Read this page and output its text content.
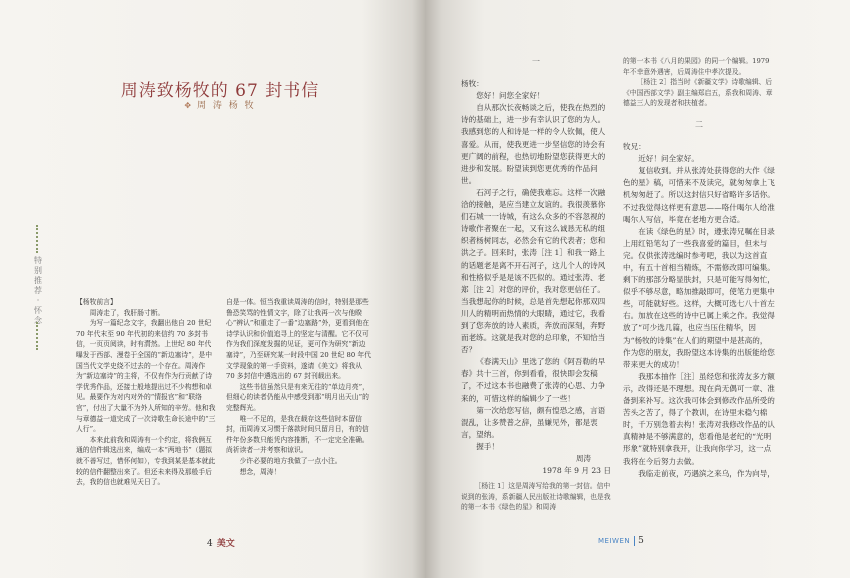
周涛致杨牧的 67 封书信
✥ 周 涛 杨 牧
特别推荐 · 怀念

【杨牧前言】

周涛走了，我肝肠寸断。

为写一篇纪念文字，我翻出他自 20 世纪 70 年代末至 90 年代初的来信约 70 多封书信，一页页阅读，时有潸然。上世纪 80 年代曝发于西部、漫卷于全国的“新边塞诗”，是中国当代文学史绕不过去的一个存在。周涛作为“新边塞诗”的主将，不仅有作为行贡献了诗学优秀作品，还接士般地提出过不少构想和卓见。最要作为对内对外的“情报官”和“联络官”，付出了大量不为外人所知的辛劳。他和我与章德益一道完成了一次诗歌生命长途中的“三人行”。

本来此前我和周涛有一个约定，将我俩互通的信件辑选出来，编成一本“两地书”（题拟就不善写过，惜怀何如），专我到某是基本就此较的信件翻整出来了。但还未来得及那般手后去，我的信也就难见天日了。

自是一体。恒当我重读周涛的信时，特别是那些鲁恐笑骂的性情文字，除了让我再一次与他睽心“辨认”和重走了一番“边塞路”外，更看到他在诗学认识和价值追寻上的坚定与清醒。它不仅可作为我们深度发掘的见证，更可作为研究“新边塞诗”，乃至研究某一时段中国 20 世纪 80 年代文学现象的第一手资料，遂请《美文》将我从 70 多封信中遴选出的 67 封刊载出来。

这些书信虽然只是有来无往的“单边月亮”，但细心的读者仍能从中感受到那“明月出天山”的完整辉光。

唯一不足的，是我在载存这些信时本留信封，而周涛又习惯于落款时间只留月日，有的信件年份多数只能凭内容推断，不一定完全准确。尚祈读者一并考察和谅识。

少许必要的地方我做了一点小注。

想念，周涛！

4 美文

一

杨牧：

您好！问您全家好！

自从那次长夜畅谈之后，使我在热烈的诗的基础上，进一步有幸认识了您的为人。我感到您的人和诗是一样的令人钦佩，使人喜爱。从而，使我更进一步坚信您的诗会有更广阔的前程，也热切地盼望您获得更大的进步和发展。盼望读到您更优秀的作品问世。

石河子之行，确使我难忘。这样一次融洽的接触，是应当建立友谊的。我很羡慕你们石城一一诗城，有这么众多的不容忽视的诗歌作者聚在一起，又有这么诚恳无私的组织者杨树同志，必然会有它的代表者；您和洪之子。回来时，张涛［注 1］和我一路上的话题老是离不开石河子，这儿个人的诗风和性格似乎是是该不匹似的。通过张涛、老郑［注 2］对您的评价，我对您更信任了。当我想起你的时候，总是首先想起你那双四川人的精明而热情的大眼睛，通过它，我看到了您奔放的诗人素质，奔放而深刻，奔野而老练。这就是我对您的总印象，不知恰当否？

《春满天山》里选了您的《阿吾勒的早春》共十三首，你到看看，很快即会发稿了，不过这本书也融费了张涛的心思、力争来的，可惜这样的编辑少了一些！

第一次给您写信，颇有惶恐之感，言语混乱，让多赞普之辞，虽嫌见外，都是衷言，望纳。

握手！

周涛

1978 年 9 月 23 日

［杨注 1］这是周涛写给我的第一封信。信中说到的张涛，系新疆人民出版社诗歌编辑，也是我的第一本书《绿色的星》和周涛

的第一本书《八月的果园》的同一个编辑。1979 年不幸意外遇害，后周涛住中孝次提及。

［杨注 2］指当时《新疆文学》诗歌编辑、后《中国西部文学》副主编郑启五，系我和周涛、章德益三人的发现者和扶植者。

二

牧兄：

近好！问全家好。

复信收到。并从张涛处获得您的大作《绿色的星》稿，可惜来不及读完，就匆匆拿上飞机匆匆赶了。所以这封信只好省略许多话你。不过我觉得这样更有意思——咯什喝尔人给准喝尔人写信，毕竟在老地方更合适。

在读《绿色的星》时，遵张涛兄嘱在目录上用红铅笔勾了一些我喜爱的篇目，但未与完。仅供张涛选编时参考吧，我以为这首直中，有五十首相当精炼，不需修改即可编集。剩下的那部分略显肤封，只是可能写得匆忙，似乎不够尽意，略加推敲即可，使笔力更集中些，可能就好些。这样，大概可选七八十首左右。加放在这些的诗中已属上乘之作。我觉得放了“可少选几篇，也应当压住精华，因为“杨牧的诗集”在人们的期望中是甚高的，作为您的朋友，我盼望这本诗集的出版能给您带来更大的成功！

我那本抽作［注］虽经您和张涛友多方额示，改得还是不理想。现在尚无偶可一章、准备到来补写。这次我可体会到修改作品所受的苦头之苦了，得了个教训，在诗里未稳勺棉时，千万别急着去构！张涛对我修改作品的认真精神是不够满意的，您看他是老纪的“光明形象”就特别拿我开，让我向你学习，这一点我将在今后努力去做。

我临走前夜，巧遇滨之来乌，作为向导，

MEIWEN 5
